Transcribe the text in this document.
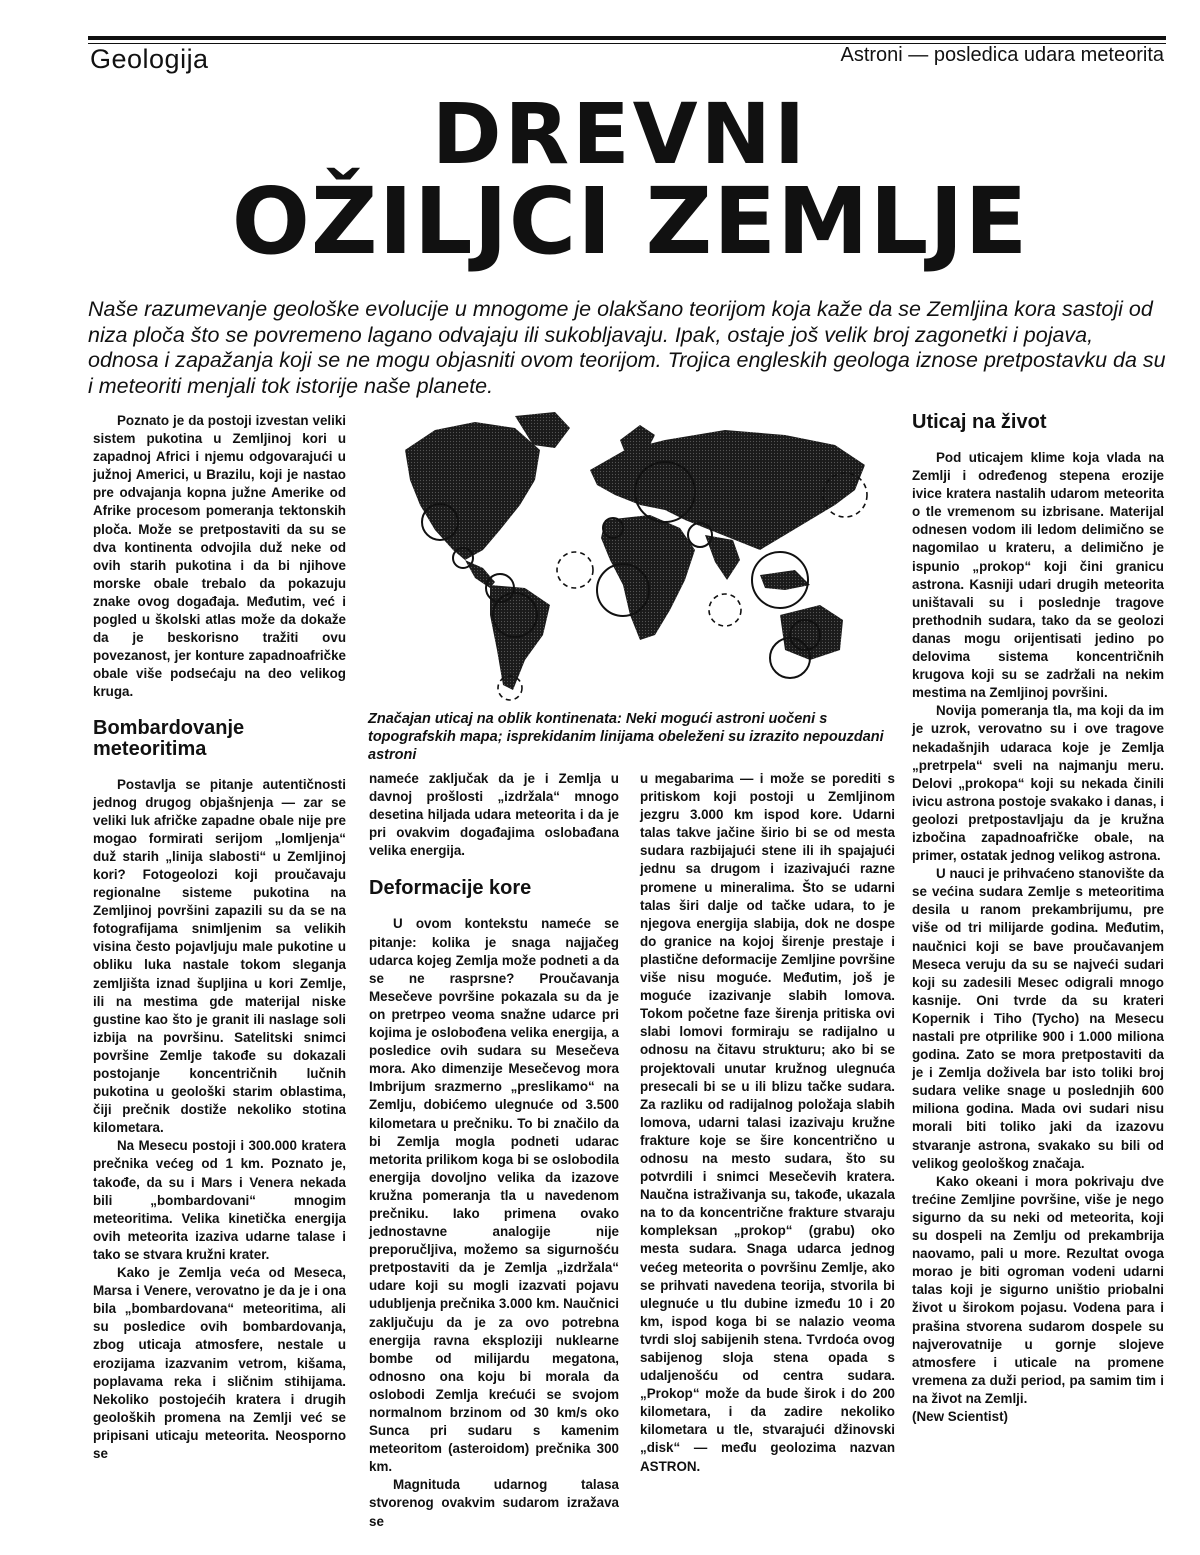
Geologija	Astroni — posledica udara meteorita
DREVNI
OŽILJCI ZEMLJE
Naše razumevanje geološke evolucije u mnogome je olakšano teorijom koja kaže da se Zemljina kora sastoji od niza ploča što se povremeno lagano odvajaju ili sukobljavaju. Ipak, ostaje još velik broj zagonetki i pojava, odnosa i zapažanja koji se ne mogu objasniti ovom teorijom. Trojica engleskih geologa iznose pretpostavku da su i meteoriti menjali tok istorije naše planete.

Poznato je da postoji izvestan veliki sistem pukotina u Zemljinoj kori u zapadnoj Africi i njemu odgovarajući u južnoj Americi, u Brazilu, koji je nastao pre odvajanja kopna južne Amerike od Afrike procesom pomeranja tektonskih ploča. Može se pretpostaviti da su se dva kontinenta odvojila duž neke od ovih starih pukotina i da bi njihove morske obale trebalo da pokazuju znake ovog događaja. Međutim, već i pogled u školski atlas može da dokaže da je beskorisno tražiti ovu povezanost, jer konture zapadnoafričke obale više podsećaju na deo velikog kruga.

Bombardovanje meteoritima

Postavlja se pitanje autentičnosti jednog drugog objašnjenja — zar se veliki luk afričke zapadne obale nije pre mogao formirati serijom „lomljenja“ duž starih „linija slabosti“ u Zemljinoj kori? Fotogeolozi koji proučavaju regionalne sisteme pukotina na Zemljinoj površini zapazili su da se na fotografijama snimljenim sa velikih visina često pojavljuju male pukotine u obliku luka nastale tokom sleganja zemljišta iznad šupljina u kori Zemlje, ili na mestima gde materijal niske gustine kao što je granit ili naslage soli izbija na površinu. Satelitski snimci površine Zemlje takođe su dokazali postojanje koncentričnih lučnih pukotina u geološki starim oblastima, čiji prečnik dostiže nekoliko stotina kilometara.

Na Mesecu postoji i 300.000 kratera prečnika većeg od 1 km. Poznato je, takođe, da su i Mars i Venera nekada bili „bombardovani“ mnogim meteoritima. Velika kinetička energija ovih meteorita izaziva udarne talase i tako se stvara kružni krater.

Kako je Zemlja veća od Meseca, Marsa i Venere, verovatno je da je i ona bila „bombardovana“ meteoritima, ali su posledice ovih bombardovanja, zbog uticaja atmosfere, nestale u erozijama izazvanim vetrom, kišama, poplavama reka i sličnim stihijama. Nekoliko postojećih kratera i drugih geoloških promena na Zemlji već se pripisani uticaju meteorita. Neosporno se

Značajan uticaj na oblik kontinenata: Neki mogući astroni uočeni s topografskih mapa; isprekidanim linijama obeleženi su izrazito nepouzdani astroni

nameće zaključak da je i Zemlja u davnoj prošlosti „izdržala“ mnogo desetina hiljada udara meteorita i da je pri ovakvim događajima oslobađana velika energija.

Deformacije kore

U ovom kontekstu nameće se pitanje: kolika je snaga najjačeg udarca kojeg Zemlja može podneti a da se ne rasprsne? Proučavanja Mesečeve površine pokazala su da je on pretrpeo veoma snažne udarce pri kojima je oslobođena velika energija, a posledice ovih sudara su Mesečeva mora. Ako dimenzije Mesečevog mora Imbrijum srazmerno „preslikamo“ na Zemlju, dobićemo ulegnuće od 3.500 kilometara u prečniku. To bi značilo da bi Zemlja mogla podneti udarac metorita prilikom koga bi se oslobodila energija dovoljno velika da izazove kružna pomeranja tla u navedenom prečniku. Iako primena ovako jednostavne analogije nije preporučljiva, možemo sa sigurnošću pretpostaviti da je Zemlja „izdržala“ udare koji su mogli izazvati pojavu udubljenja prečnika 3.000 km. Naučnici zaključuju da je za ovo potrebna energija ravna eksploziji nuklearne bombe od milijardu megatona, odnosno ona koju bi morala da oslobodi Zemlja krećući se svojom normalnom brzinom od 30 km/s oko Sunca pri sudaru s kamenim meteoritom (asteroidom) prečnika 300 km.

Magnituda udarnog talasa stvorenog ovakvim sudarom izražava se

u megabarima — i može se porediti s pritiskom koji postoji u Zemljinom jezgru 3.000 km ispod kore. Udarni talas takve jačine širio bi se od mesta sudara razbijajući stene ili ih spajajući jednu sa drugom i izazivajući razne promene u mineralima. Što se udarni talas širi dalje od tačke udara, to je njegova energija slabija, dok ne dospe do granice na kojoj širenje prestaje i plastične deformacije Zemljine površine više nisu moguće. Međutim, još je moguće izazivanje slabih lomova. Tokom početne faze širenja pritiska ovi slabi lomovi formiraju se radijalno u odnosu na čitavu strukturu; ako bi se projektovali unutar kružnog ulegnuća presecali bi se u ili blizu tačke sudara. Za razliku od radijalnog položaja slabih lomova, udarni talasi izazivaju kružne frakture koje se šire koncentrično u odnosu na mesto sudara, što su potvrdili i snimci Mesečevih kratera. Naučna istraživanja su, takođe, ukazala na to da koncentrične frakture stvaraju kompleksan „prokop“ (grabu) oko mesta sudara. Snaga udarca jednog većeg meteorita o površinu Zemlje, ako se prihvati navedena teorija, stvorila bi ulegnuće u tlu dubine između 10 i 20 km, ispod koga bi se nalazio veoma tvrdi sloj sabijenih stena. Tvrdoća ovog sabijenog sloja stena opada s udaljenošću od centra sudara. „Prokop“ može da bude širok i do 200 kilometara, i da zadire nekoliko kilometara u tle, stvarajući džinovski „disk“ — među geolozima nazvan ASTRON.

Uticaj na život

Pod uticajem klime koja vlada na Zemlji i određenog stepena erozije ivice kratera nastalih udarom meteorita o tle vremenom su izbrisane. Materijal odnesen vodom ili ledom delimično se nagomilao u krateru, a delimično je ispunio „prokop“ koji čini granicu astrona. Kasniji udari drugih meteorita uništavali su i poslednje tragove prethodnih sudara, tako da se geolozi danas mogu orijentisati jedino po delovima sistema koncentričnih krugova koji su se zadržali na nekim mestima na Zemljinoj površini.

Novija pomeranja tla, ma koji da im je uzrok, verovatno su i ove tragove nekadašnjih udaraca koje je Zemlja „pretrpela“ sveli na najmanju meru. Delovi „prokopa“ koji su nekada činili ivicu astrona postoje svakako i danas, i geolozi pretpostavljaju da je kružna izbočina zapadnoafričke obale, na primer, ostatak jednog velikog astrona.

U nauci je prihvaćeno stanovište da se većina sudara Zemlje s meteoritima desila u ranom prekambrijumu, pre više od tri milijarde godina. Međutim, naučnici koji se bave proučavanjem Meseca veruju da su se najveći sudari koji su zadesili Mesec odigrali mnogo kasnije. Oni tvrde da su krateri Kopernik i Tiho (Tycho) na Mesecu nastali pre otprilike 900 i 1.000 miliona godina. Zato se mora pretpostaviti da je i Zemlja doživela bar isto toliki broj sudara velike snage u poslednjih 600 miliona godina. Mada ovi sudari nisu morali biti toliko jaki da izazovu stvaranje astrona, svakako su bili od velikog geološkog značaja.

Kako okeani i mora pokrivaju dve trećine Zemljine površine, više je nego sigurno da su neki od meteorita, koji su dospeli na Zemlju od prekambrija naovamo, pali u more. Rezultat ovoga morao je biti ogroman vodeni udarni talas koji je sigurno uništio priobalni život u širokom pojasu. Vodena para i prašina stvorena sudarom dospele su najverovatnije u gornje slojeve atmosfere i uticale na promene vremena za duži period, pa samim tim i na život na Zemlji.

(New Scientist)
